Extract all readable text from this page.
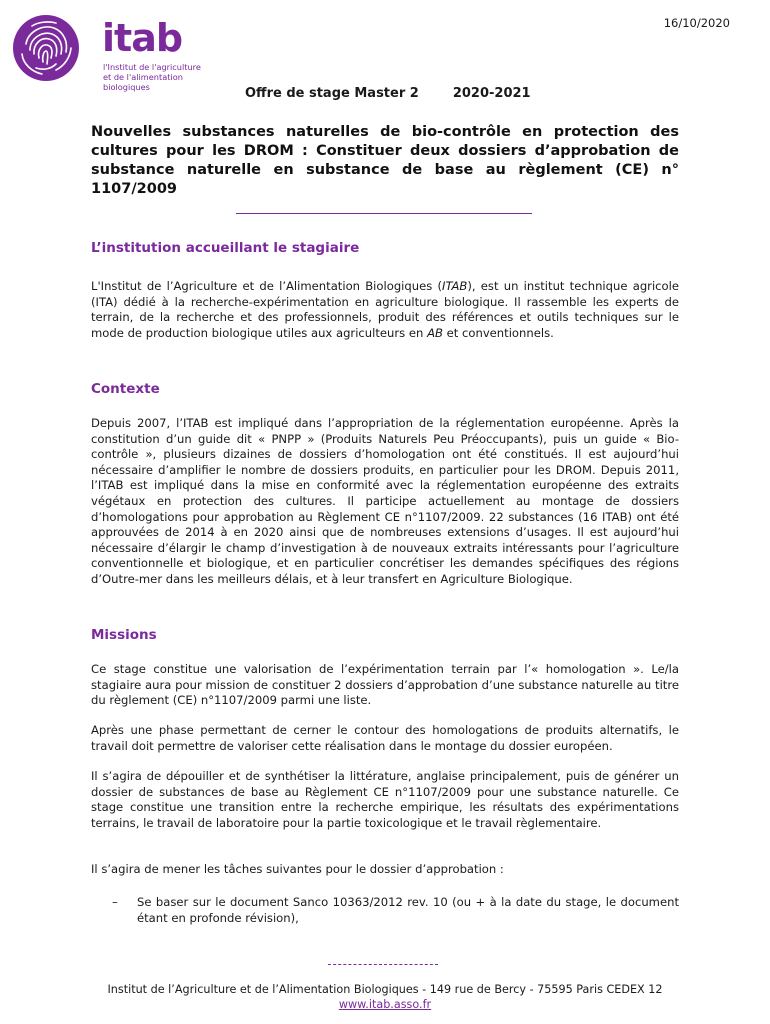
itab
l'Institut de l'agriculture
et de l'alimentation biologiques
16/10/2020
Offre de stage Master 2	2020-2021
Nouvelles substances naturelles de bio-contrôle en protection des cultures pour les DROM : Constituer deux dossiers d’approbation de substance naturelle en substance de base au règlement (CE) n° 1107/2009
L’institution accueillant le stagiaire
L'Institut de l’Agriculture et de l’Alimentation Biologiques (ITAB), est un institut technique agricole (ITA) dédié à la recherche-expérimentation en agriculture biologique. Il rassemble les experts de terrain, de la recherche et des professionnels, produit des références et outils techniques sur le mode de production biologique utiles aux agriculteurs en AB et conventionnels.
Contexte
Depuis 2007, l’ITAB est impliqué dans l’appropriation de la réglementation européenne. Après la constitution d’un guide dit « PNPP » (Produits Naturels Peu Préoccupants), puis un guide « Bio-contrôle », plusieurs dizaines de dossiers d’homologation ont été constitués. Il est aujourd’hui nécessaire d’amplifier le nombre de dossiers produits, en particulier pour les DROM. Depuis 2011, l’ITAB est impliqué dans la mise en conformité avec la réglementation européenne des extraits végétaux en protection des cultures. Il participe actuellement au montage de dossiers d’homologations pour approbation au Règlement CE n°1107/2009. 22 substances (16 ITAB) ont été approuvées de 2014 à en 2020 ainsi que de nombreuses extensions d’usages. Il est aujourd’hui nécessaire d’élargir le champ d’investigation à de nouveaux extraits intéressants pour l’agriculture conventionnelle et biologique, et en particulier concrétiser les demandes spécifiques des régions d’Outre-mer dans les meilleurs délais, et à leur transfert en Agriculture Biologique.
Missions
Ce stage constitue une valorisation de l’expérimentation terrain par l’« homologation ». Le/la stagiaire aura pour mission de constituer 2 dossiers d’approbation d’une substance naturelle au titre du règlement (CE) n°1107/2009 parmi une liste.
Après une phase permettant de cerner le contour des homologations de produits alternatifs, le travail doit permettre de valoriser cette réalisation dans le montage du dossier européen.
Il s’agira de dépouiller et de synthétiser la littérature, anglaise principalement, puis de générer un dossier de substances de base au Règlement CE n°1107/2009 pour une substance naturelle. Ce stage constitue une transition entre la recherche empirique, les résultats des expérimentations terrains, le travail de laboratoire pour la partie toxicologique et le travail règlementaire.
Il s’agira de mener les tâches suivantes pour le dossier d’approbation :
– Se baser sur le document Sanco 10363/2012 rev. 10 (ou + à la date du stage, le document étant en profonde révision),
Institut de l’Agriculture et de l’Alimentation Biologiques - 149 rue de Bercy - 75595 Paris CEDEX 12
www.itab.asso.fr
